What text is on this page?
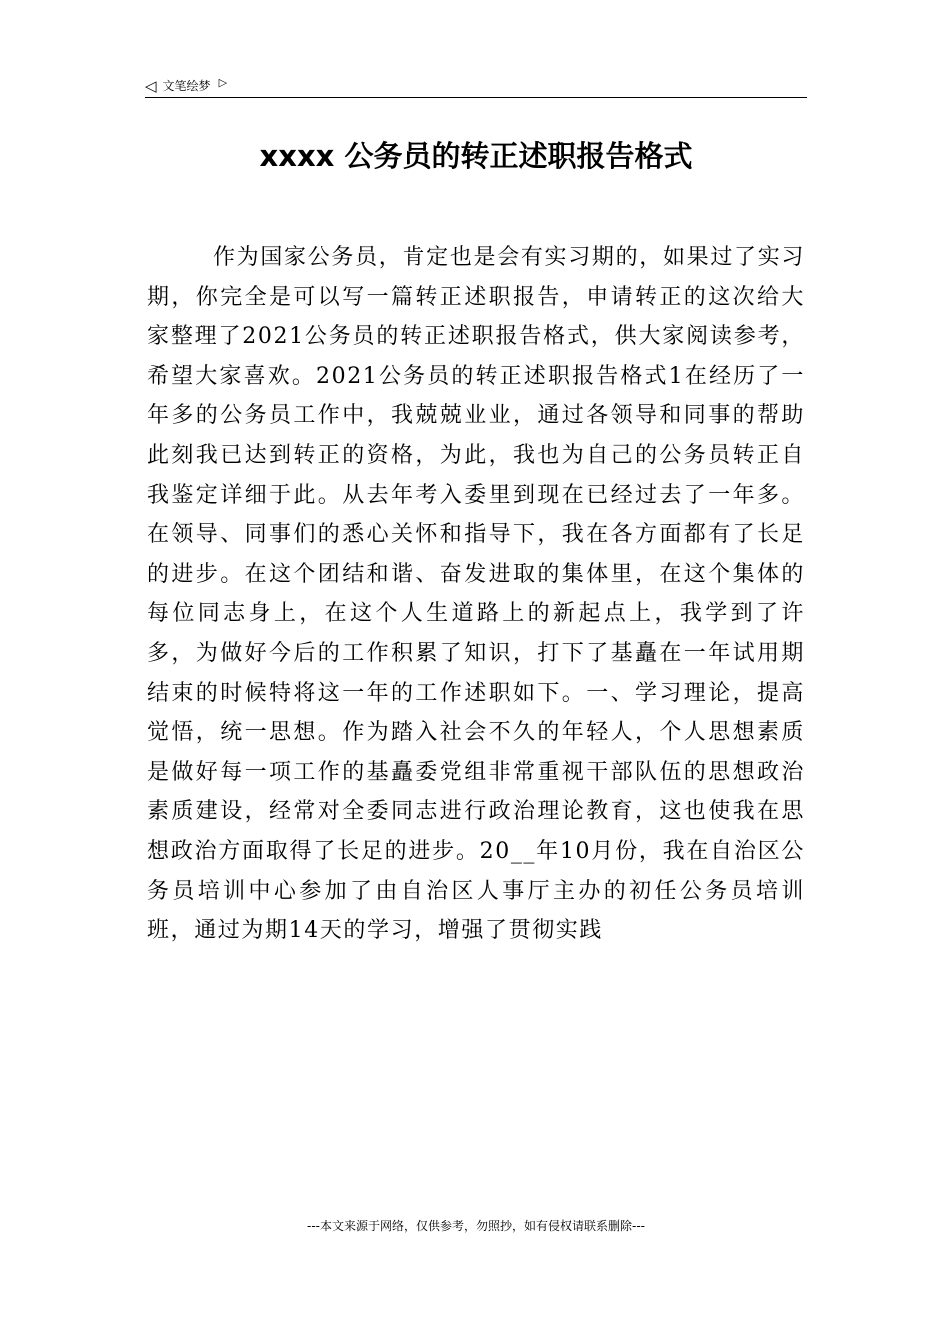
◁ 文笔绘梦 ▷
xxxx 公务员的转正述职报告格式

作为国家公务员，肯定也是会有实习期的，如果过了实习期，你完全是可以写一篇转正述职报告，申请转正的这次给大家整理了2021公务员的转正述职报告格式，供大家阅读参考，希望大家喜欢。2021公务员的转正述职报告格式1在经历了一年多的公务员工作中，我兢兢业业，通过各领导和同事的帮助此刻我已达到转正的资格，为此，我也为自己的公务员转正自我鉴定详细于此。从去年考入委里到现在已经过去了一年多。在领导、同事们的悉心关怀和指导下，我在各方面都有了长足的进步。在这个团结和谐、奋发进取的集体里，在这个集体的每位同志身上，在这个人生道路上的新起点上，我学到了许多，为做好今后的工作积累了知识，打下了基矗在一年试用期结束的时候特将这一年的工作述职如下。一、学习理论，提高觉悟，统一思想。作为踏入社会不久的年轻人，个人思想素质是做好每一项工作的基矗委党组非常重视干部队伍的思想政治素质建设，经常对全委同志进行政治理论教育，这也使我在思想政治方面取得了长足的进步。20__年10月份，我在自治区公务员培训中心参加了由自治区人事厅主办的初任公务员培训班，通过为期14天的学习，增强了贯彻实践

---本文来源于网络，仅供参考，勿照抄，如有侵权请联系删除---
